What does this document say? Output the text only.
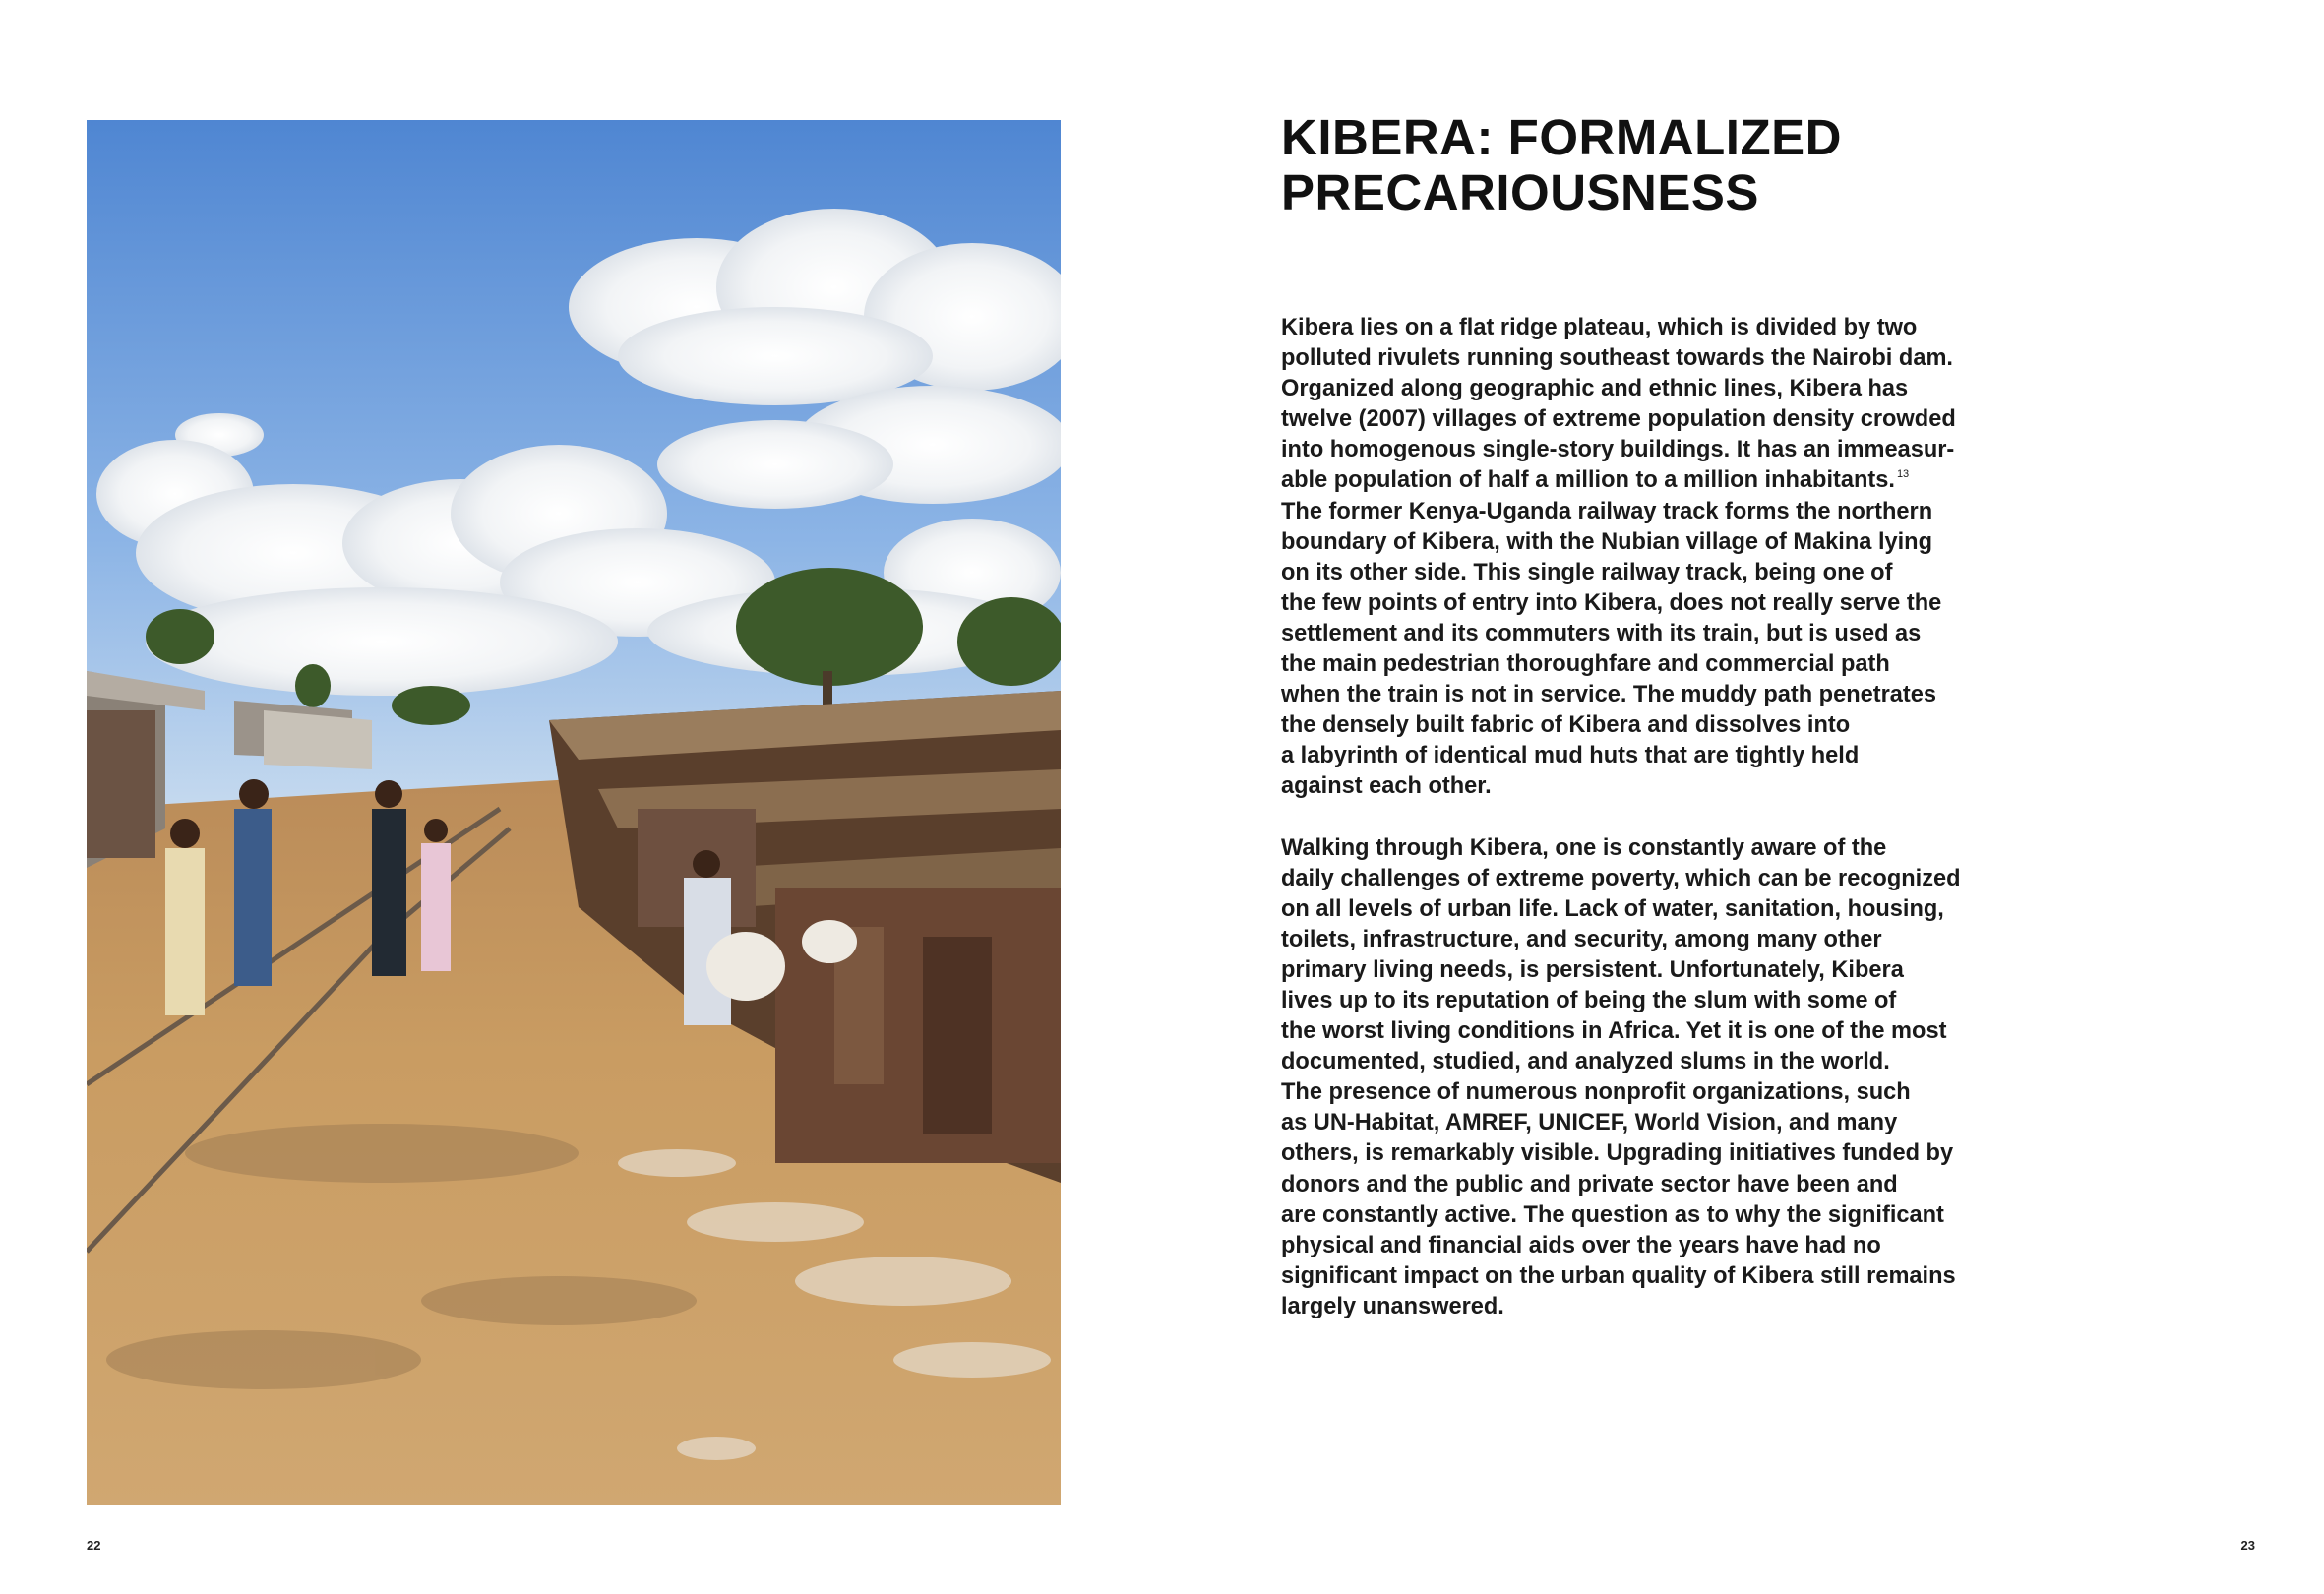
22
KIBERA: FORMALIZED
PRECARIOUSNESS

Kibera lies on a flat ridge plateau, which is divided by two
polluted rivulets running southeast towards the Nairobi dam.
Organized along geographic and ethnic lines, Kibera has
twelve (2007) villages of extreme population density crowded
into homogenous single-story buildings. It has an immeasur-
able population of half a million to a million inhabitants. $^{13}$
The former Kenya-Uganda railway track forms the northern
boundary of Kibera, with the Nubian village of Makina lying
on its other side. This single railway track, being one of
the few points of entry into Kibera, does not really serve the
settlement and its commuters with its train, but is used as
the main pedestrian thoroughfare and commercial path
when the train is not in service. The muddy path penetrates
the densely built fabric of Kibera and dissolves into
a labyrinth of identical mud huts that are tightly held
against each other.

Walking through Kibera, one is constantly aware of the
daily challenges of extreme poverty, which can be recognized
on all levels of urban life. Lack of water, sanitation, housing,
toilets, infrastructure, and security, among many other
primary living needs, is persistent. Unfortunately, Kibera
lives up to its reputation of being the slum with some of
the worst living conditions in Africa. Yet it is one of the most
documented, studied, and analyzed slums in the world.
The presence of numerous nonprofit organizations, such
as UN-Habitat, AMREF, UNICEF, World Vision, and many
others, is remarkably visible. Upgrading initiatives funded by
donors and the public and private sector have been and
are constantly active. The question as to why the significant
physical and financial aids over the years have had no
significant impact on the urban quality of Kibera still remains
largely unanswered.

23
